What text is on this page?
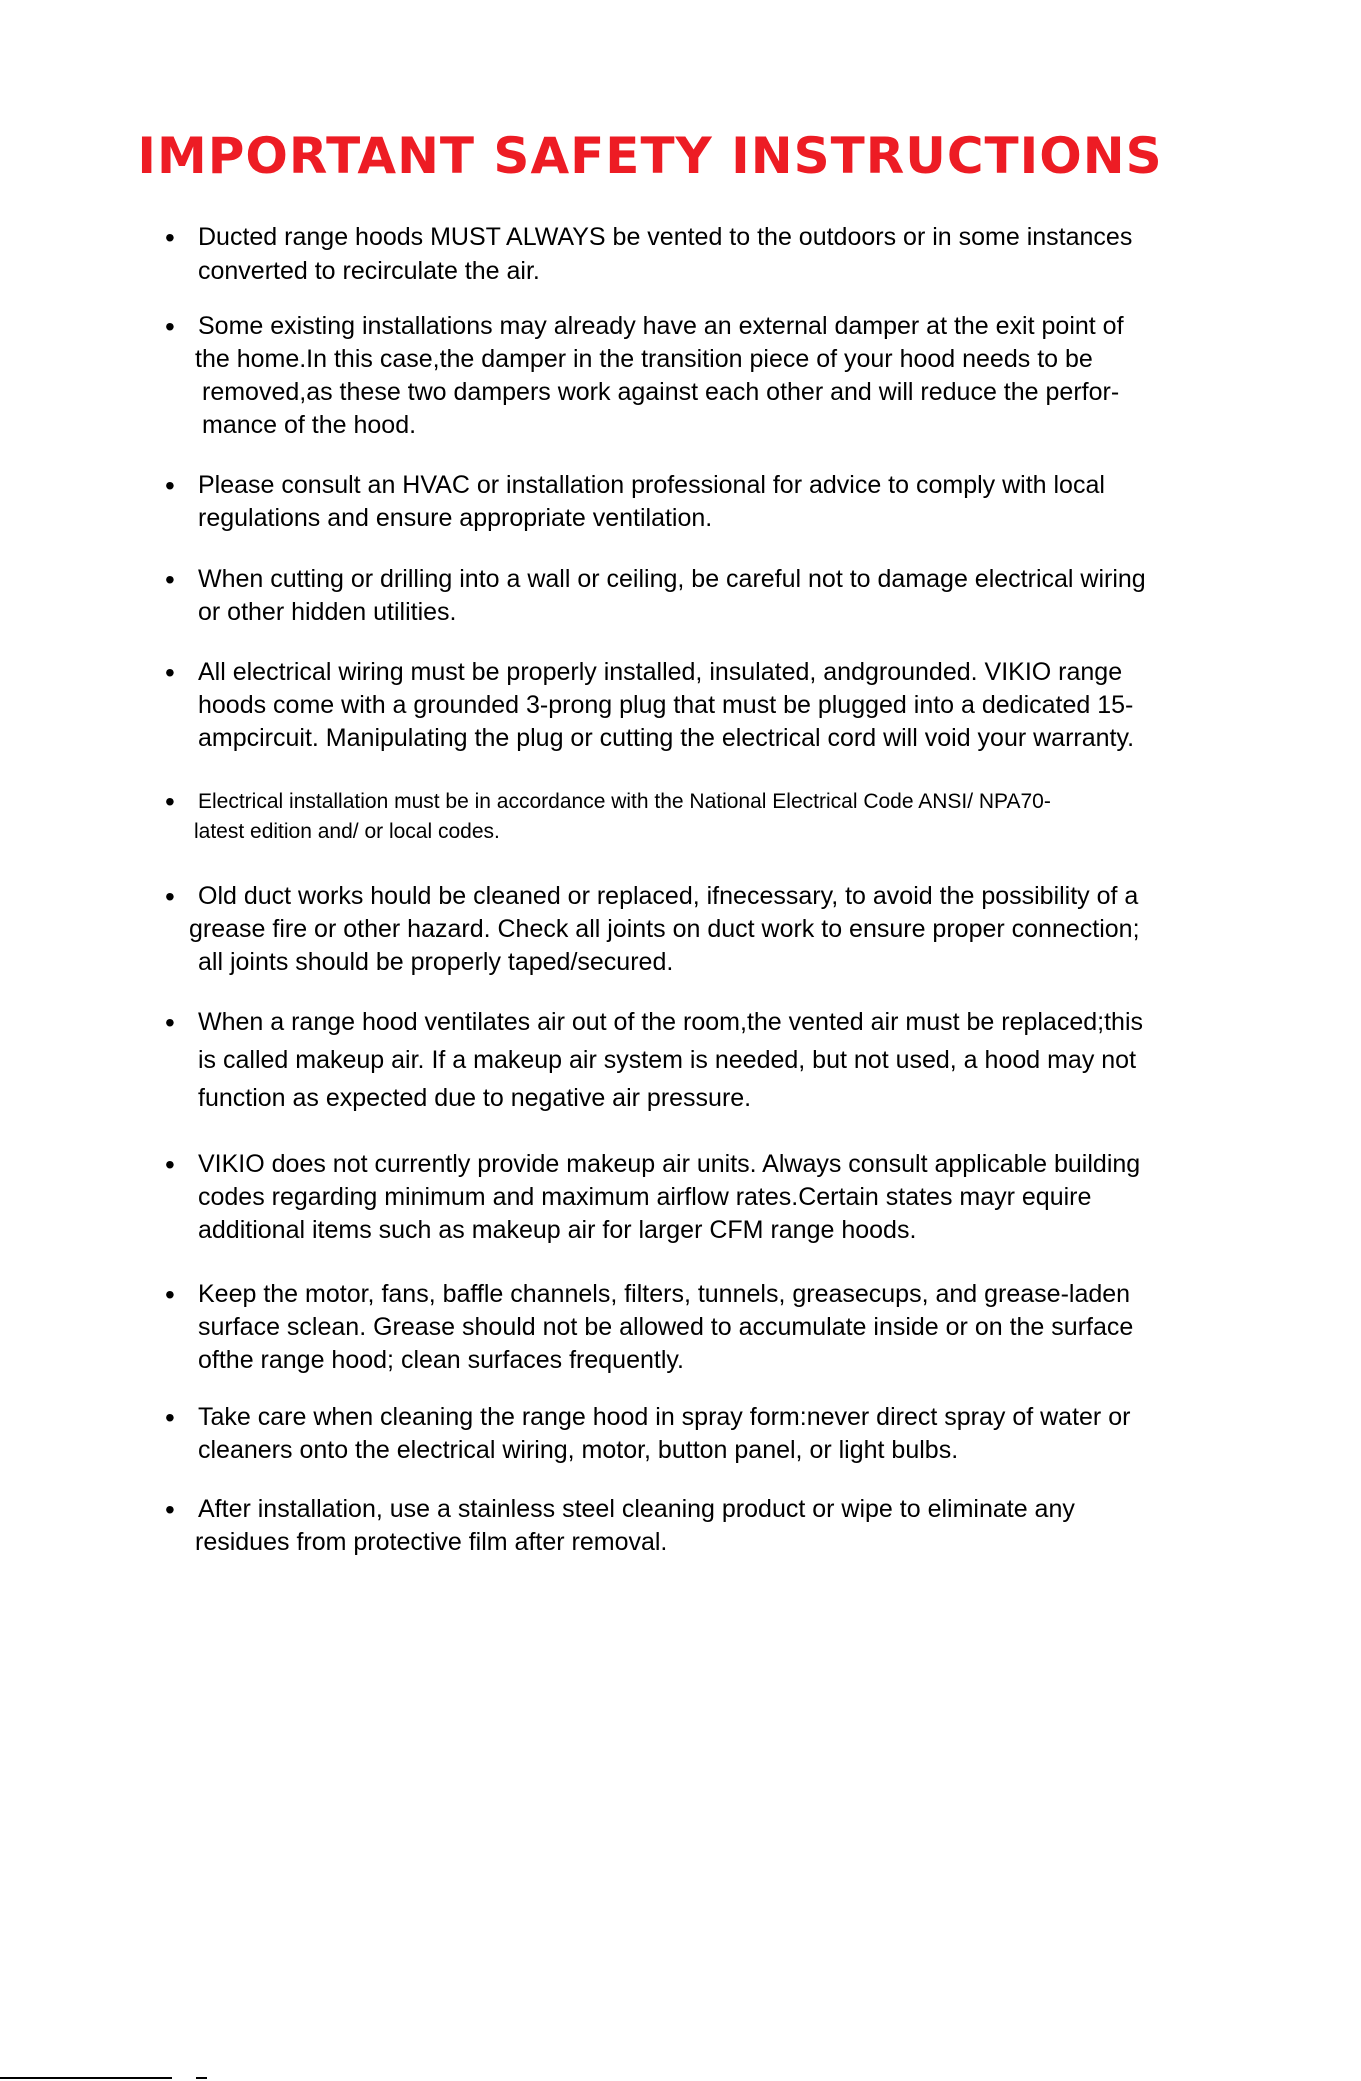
IMPORTANT SAFETY INSTRUCTIONS
• Ducted range hoods MUST ALWAYS be vented to the outdoors or in some instances
converted to recirculate the air.
• Some existing installations may already have an external damper at the exit point of
the home.In this case,the damper in the transition piece of your hood needs to be
removed,as these two dampers work against each other and will reduce the perfor-
mance of the hood.
• Please consult an HVAC or installation professional for advice to comply with local
regulations and ensure appropriate ventilation.
• When cutting or drilling into a wall or ceiling, be careful not to damage electrical wiring
or other hidden utilities.
• All electrical wiring must be properly installed, insulated, andgrounded. VIKIO range
hoods come with a grounded 3-prong plug that must be plugged into a dedicated 15-
ampcircuit. Manipulating the plug or cutting the electrical cord will void your warranty.
• Electrical installation must be in accordance with the National Electrical Code ANSI/ NPA70-
latest edition and/ or local codes.
• Old duct works hould be cleaned or replaced, ifnecessary, to avoid the possibility of a
grease fire or other hazard. Check all joints on duct work to ensure proper connection;
all joints should be properly taped/secured.
• When a range hood ventilates air out of the room,the vented air must be replaced;this
is called makeup air. If a makeup air system is needed, but not used, a hood may not
function as expected due to negative air pressure.
• VIKIO does not currently provide makeup air units. Always consult applicable building
codes regarding minimum and maximum airflow rates.Certain states mayr equire
additional items such as makeup air for larger CFM range hoods.
• Keep the motor, fans, baffle channels, filters, tunnels, greasecups, and grease-laden
surface sclean. Grease should not be allowed to accumulate inside or on the surface
ofthe range hood; clean surfaces frequently.
• Take care when cleaning the range hood in spray form:never direct spray of water or
cleaners onto the electrical wiring, motor, button panel, or light bulbs.
• After installation, use a stainless steel cleaning product or wipe to eliminate any
residues from protective film after removal.
